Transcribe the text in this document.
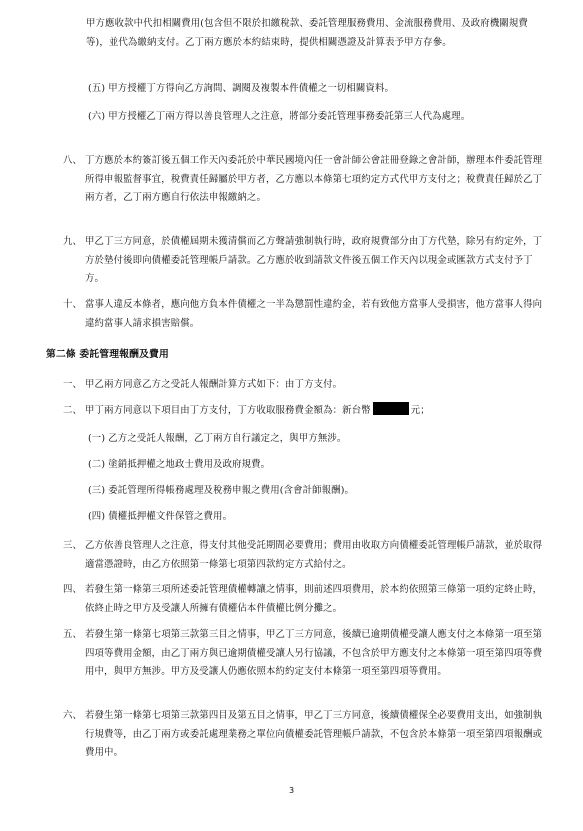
甲方應收款中代扣相關費用(包含但不限於扣繳稅款、委託管理服務費用、金流服務費用、及政府機關規費等)，並代為繳納支付。乙丁兩方應於本約結束時，提供相關憑證及計算表予甲方存參。
(五) 甲方授權丁方得向乙方詢問、調閱及複製本件債權之一切相關資料。
(六) 甲方授權乙丁兩方得以善良管理人之注意，將部分委託管理事務委託第三人代為處理。
八、 丁方應於本約簽訂後五個工作天內委託於中華民國境內任一會計師公會註冊登錄之會計師，辦理本件委託管理所得申報監督事宜，稅費責任歸屬於甲方者，乙方應以本條第七項約定方式代甲方支付之；稅費責任歸於乙丁兩方者，乙丁兩方應自行依法申報繳納之。
九、 甲乙丁三方同意，於債權屆期未獲清償而乙方聲請強制執行時，政府規費部分由丁方代墊，除另有約定外，丁方於墊付後即向債權委託管理帳戶請款。乙方應於收到請款文件後五個工作天內以現金或匯款方式支付予丁方。
十、 當事人違反本條者，應向他方負本件債權之一半為懲罰性違約金，若有致他方當事人受損害，他方當事人得向違約當事人請求損害賠償。
第二條 委託管理報酬及費用
一、 甲乙兩方同意乙方之受託人報酬計算方式如下：由丁方支付。
二、 甲丁兩方同意以下項目由丁方支付，丁方收取服務費金額為：新台幣	元；
(一) 乙方之受託人報酬，乙丁兩方自行議定之，與甲方無涉。
(二) 塗銷抵押權之地政士費用及政府規費。
(三) 委託管理所得帳務處理及稅務申報之費用(含會計師報酬)。
(四) 債權抵押權文件保管之費用。
三、 乙方依善良管理人之注意，得支付其他受託期間必要費用；費用由收取方向債權委託管理帳戶請款，並於取得適當憑證時，由乙方依照第一條第七項第四款約定方式給付之。
四、 若發生第一條第三項所述委託管理債權轉讓之情事，則前述四項費用，於本約依照第三條第一項約定終止時，依終止時之甲方及受讓人所擁有債權佔本件債權比例分攤之。
五、 若發生第一條第七項第三款第三目之情事，甲乙丁三方同意，後續已逾期債權受讓人應支付之本條第一項至第四項等費用金額，由乙丁兩方與已逾期債權受讓人另行協議，不包含於甲方應支付之本條第一項至第四項等費用中，與甲方無涉。甲方及受讓人仍應依照本約約定支付本條第一項至第四項等費用。
六、 若發生第一條第七項第三款第四目及第五目之情事，甲乙丁三方同意，後續債權保全必要費用支出，如強制執行規費等，由乙丁兩方或委託處理業務之單位向債權委託管理帳戶請款，不包含於本條第一項至第四項報酬或費用中。
3
